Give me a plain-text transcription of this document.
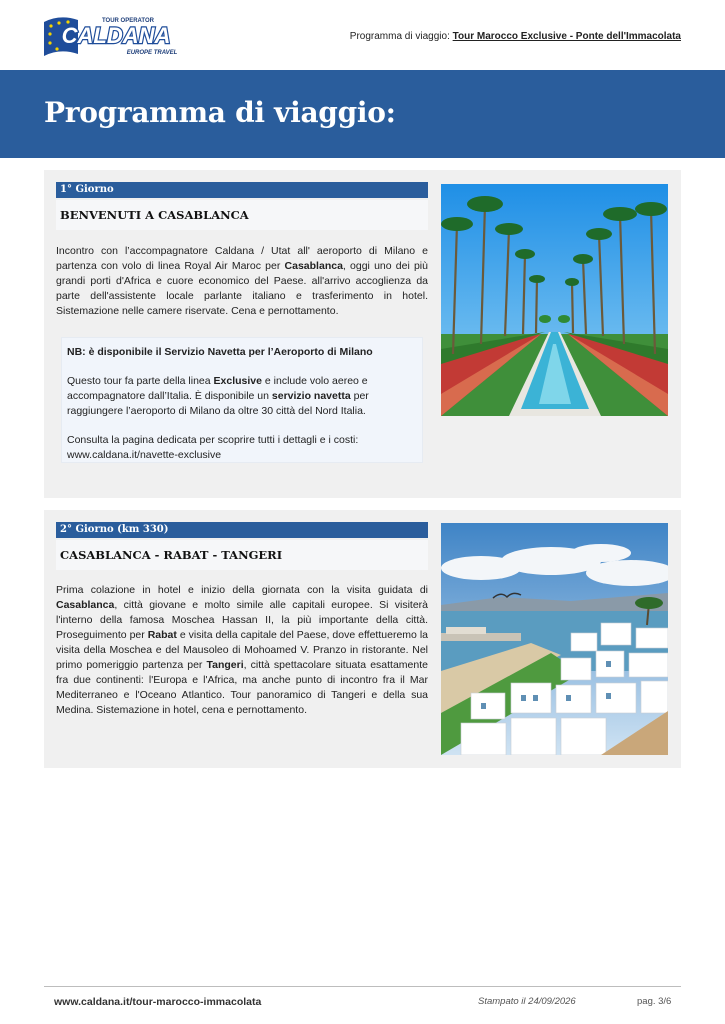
TOUR OPERATOR
CALDANA
EUROPE TRAVEL
Programma di viaggio: Tour Marocco Exclusive - Ponte dell'Immacolata
Programma di viaggio:
1° Giorno
BENVENUTI A CASABLANCA
Incontro con l’accompagnatore Caldana / Utat all' aeroporto di Milano e partenza con volo di linea Royal Air Maroc per Casablanca, oggi uno dei più grandi porti d'Africa e cuore economico del Paese. all'arrivo accoglienza da parte dell'assistente locale parlante italiano e trasferimento in hotel. Sistemazione nelle camere riservate. Cena e pernottamento.

NB: è disponibile il Servizio Navetta per l’Aeroporto di Milano

Questo tour fa parte della linea Exclusive e include volo aereo e accompagnatore dall’Italia. È disponibile un servizio navetta per raggiungere l’aeroporto di Milano da oltre 30 città del Nord Italia.

Consulta la pagina dedicata per scoprire tutti i dettagli e i costi:

www.caldana.it/navette-exclusive

2° Giorno (km 330)
CASABLANCA - RABAT - TANGERI
Prima colazione in hotel e inizio della giornata con la visita guidata di Casablanca, città giovane e molto simile alle capitali europee. Si visiterà l'interno della famosa Moschea Hassan II, la più importante della città. Proseguimento per Rabat e visita della capitale del Paese, dove effettueremo la visita della Moschea e del Mausoleo di Mohoamed V. Pranzo in ristorante. Nel primo pomeriggio partenza per Tangeri, città spettacolare situata esattamente fra due continenti: l'Europa e l'Africa, ma anche punto di incontro fra il Mar Mediterraneo e l'Oceano Atlantico. Tour panoramico di Tangeri e della sua Medina. Sistemazione in hotel, cena e pernottamento.
www.caldana.it/tour-marocco-immacolata	Stampato il 24/09/2026	pag. 3/6
